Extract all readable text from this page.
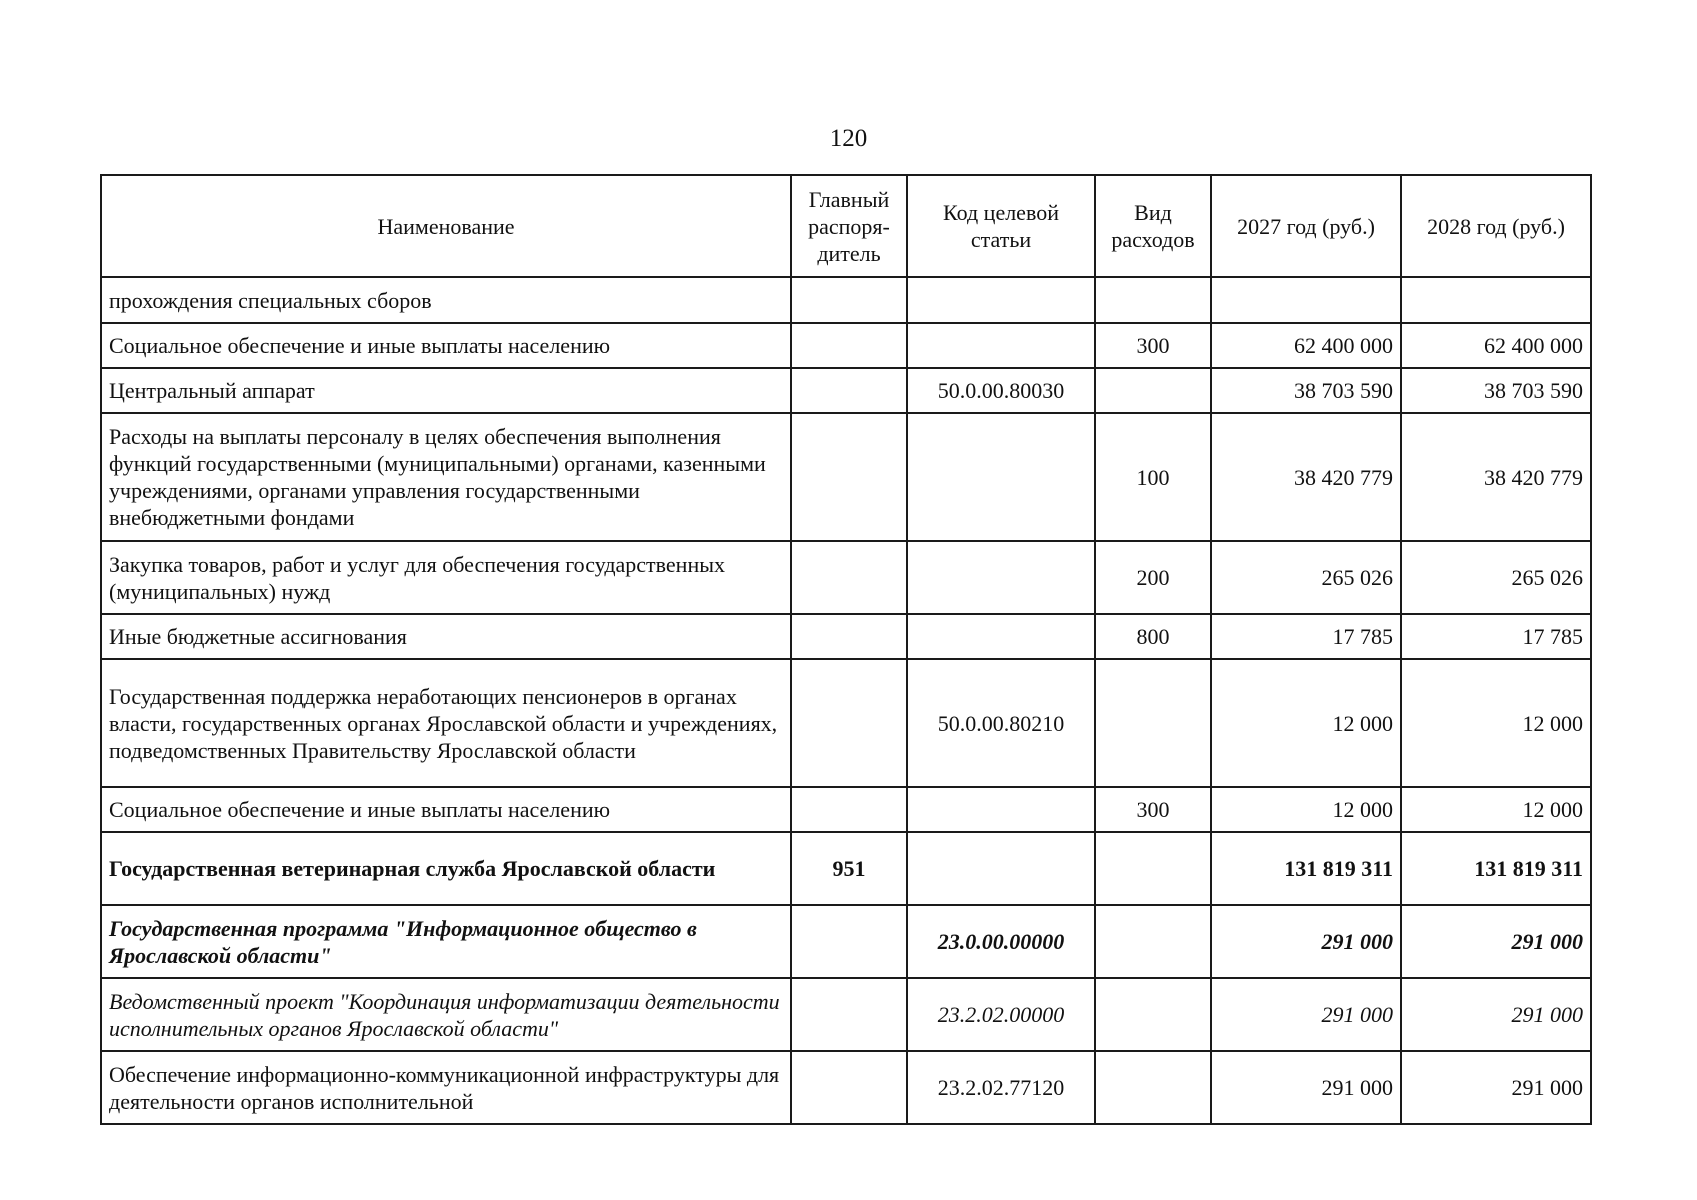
120
Наименование	Главный распоря-дитель	Код целевой статьи	Вид расходов	2027 год (руб.)	2028 год (руб.)
прохождения специальных сборов					
Социальное обеспечение и иные выплаты населению			300	62 400 000	62 400 000
Центральный аппарат		50.0.00.80030		38 703 590	38 703 590
Расходы на выплаты персоналу в целях обеспечения выполнения функций государственными (муниципальными) органами, казенными учреждениями, органами управления государственными внебюджетными фондами			100	38 420 779	38 420 779
Закупка товаров, работ и услуг для обеспечения государственных (муниципальных) нужд			200	265 026	265 026
Иные бюджетные ассигнования			800	17 785	17 785
Государственная поддержка неработающих пенсионеров в органах власти, государственных органах Ярославской области и учреждениях, подведомственных Правительству Ярославской области		50.0.00.80210		12 000	12 000
Социальное обеспечение и иные выплаты населению			300	12 000	12 000
Государственная ветеринарная служба Ярославской области	951			131 819 311	131 819 311
Государственная программа "Информационное общество в Ярославской области"		23.0.00.00000		291 000	291 000
Ведомственный проект "Координация информатизации деятельности исполнительных органов Ярославской области"		23.2.02.00000		291 000	291 000
Обеспечение информационно-коммуникационной инфраструктуры для деятельности органов исполнительной		23.2.02.77120		291 000	291 000
